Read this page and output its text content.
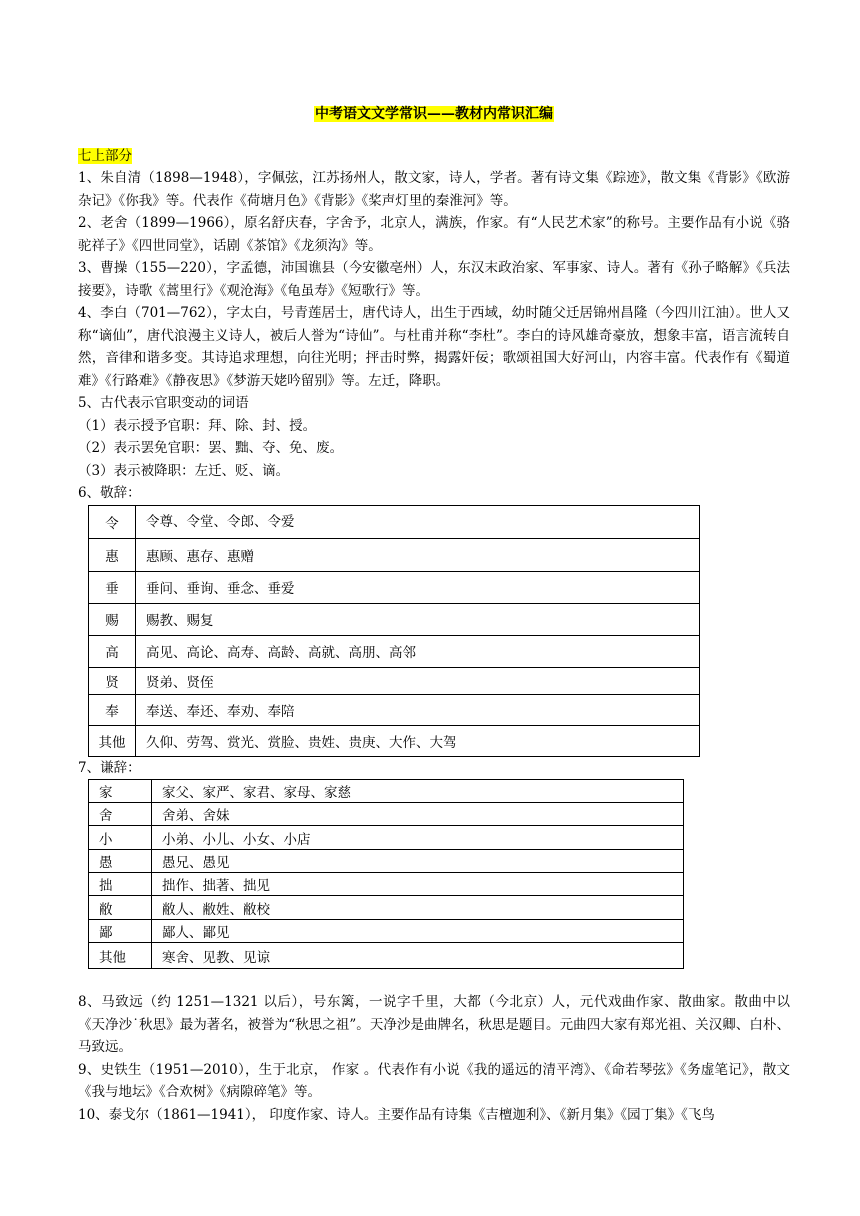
中考语文文学常识——教材内常识汇编
七上部分

1、朱自清（1898—1948），字佩弦，江苏扬州人，散文家，诗人，学者。著有诗文集《踪迹》，散文集《背影》《欧游杂记》《你我》等。代表作《荷塘月色》《背影》《桨声灯里的秦淮河》等。

2、老舍（1899—1966），原名舒庆春，字舍予，北京人，满族，作家。有“人民艺术家”的称号。主要作品有小说《骆驼祥子》《四世同堂》，话剧《茶馆》《龙须沟》等。

3、曹操（155—220），字孟德，沛国谯县（今安徽亳州）人，东汉末政治家、军事家、诗人。著有《孙子略解》《兵法接要》，诗歌《蒿里行》《观沧海》《龟虽寿》《短歌行》等。

4、李白（701—762），字太白，号青莲居士，唐代诗人，出生于西域，幼时随父迁居锦州昌隆（今四川江油）。世人又称“谪仙”，唐代浪漫主义诗人，被后人誉为“诗仙”。与杜甫并称“李杜”。李白的诗风雄奇豪放，想象丰富，语言流转自然，音律和谐多变。其诗追求理想，向往光明；抨击时弊，揭露奸佞；歌颂祖国大好河山，内容丰富。代表作有《蜀道难》《行路难》《静夜思》《梦游天姥吟留别》等。左迁，降职。

5、古代表示官职变动的词语

（1）表示授予官职：拜、除、封、授。

（2）表示罢免官职：罢、黜、夺、免、废。

（3）表示被降职：左迁、贬、谪。

6、敬辞：

令	令尊、令堂、令郎、令爱
惠	惠顾、惠存、惠赠
垂	垂问、垂询、垂念、垂爱
赐	赐教、赐复
高	高见、高论、高寿、高龄、高就、高朋、高邻
贤	贤弟、贤侄
奉	奉送、奉还、奉劝、奉陪
其他	久仰、劳驾、赏光、赏脸、贵姓、贵庚、大作、大驾

7、谦辞：

家	家父、家严、家君、家母、家慈
舍	舍弟、舍妹
小	小弟、小儿、小女、小店
愚	愚兄、愚见
拙	拙作、拙著、拙见
敝	敝人、敝姓、敝校
鄙	鄙人、鄙见
其他	寒舍、见教、见谅

8、马致远（约 1251—1321 以后），号东篱，一说字千里，大都（今北京）人，元代戏曲作家、散曲家。散曲中以《天净沙˙秋思》最为著名，被誉为“秋思之祖”。天净沙是曲牌名，秋思是题目。元曲四大家有郑光祖、关汉卿、白朴、马致远。

9、史铁生（1951—2010），生于北京， 作家 。代表作有小说《我的遥远的清平湾》、《命若琴弦》《务虚笔记》，散文《我与地坛》《合欢树》《病隙碎笔》等。

10、泰戈尔（1861—1941）， 印度作家、诗人。主要作品有诗集《吉檀迦利》、《新月集》《园丁集》《飞鸟
